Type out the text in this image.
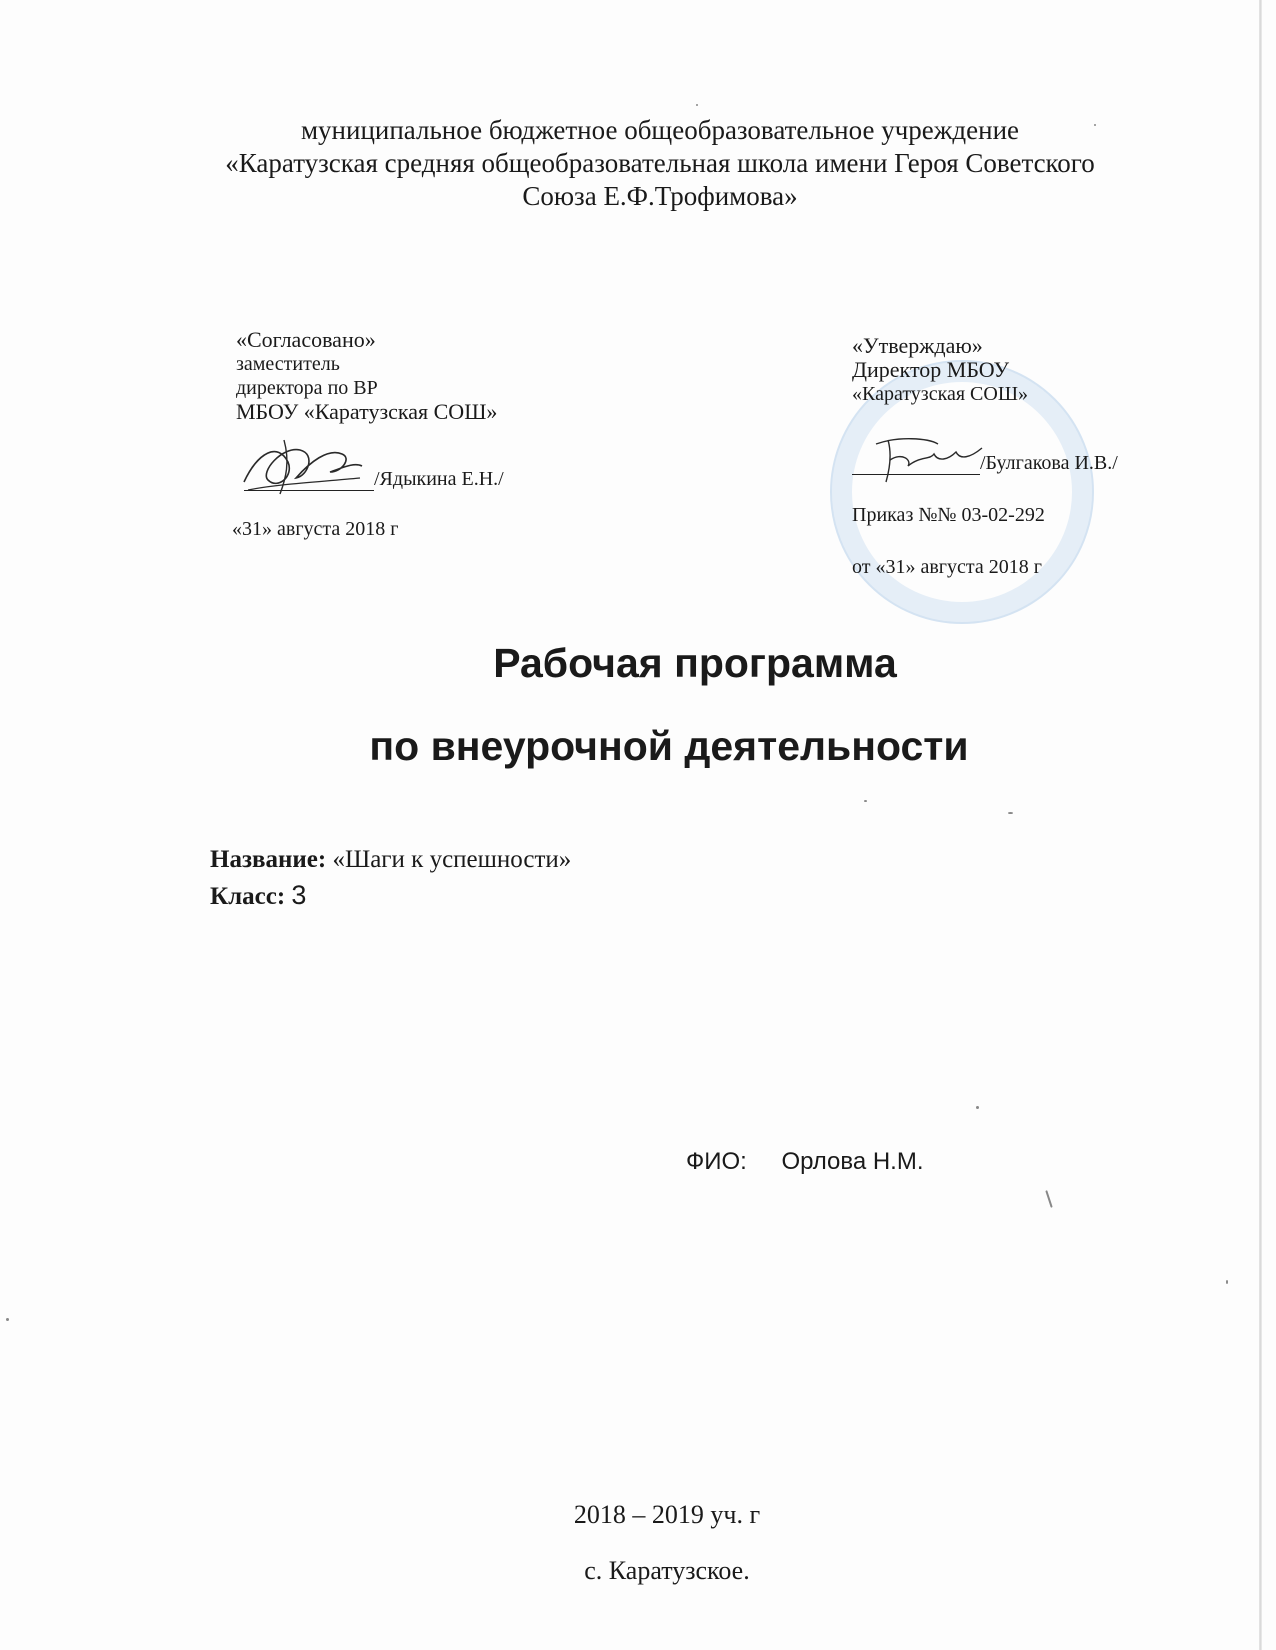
муниципальное бюджетное общеобразовательное учреждение
«Каратузская средняя общеобразовательная школа имени Героя Советского
Союза Е.Ф.Трофимова»
«Согласовано»
заместитель
директора по ВР
МБОУ «Каратузская СОШ»
/Ядыкина Е.Н./
«31» августа 2018 г
«Утверждаю»
Директор МБОУ
«Каратузская СОШ»
/Булгакова И.В./
Приказ №№ 03-02-292
от «31» августа 2018 г
Рабочая программа
по внеурочной деятельности
Название: «Шаги к успешности»
Класс: 3
ФИО: Орлова Н.М.
2018 – 2019 уч. г
с. Каратузское.
